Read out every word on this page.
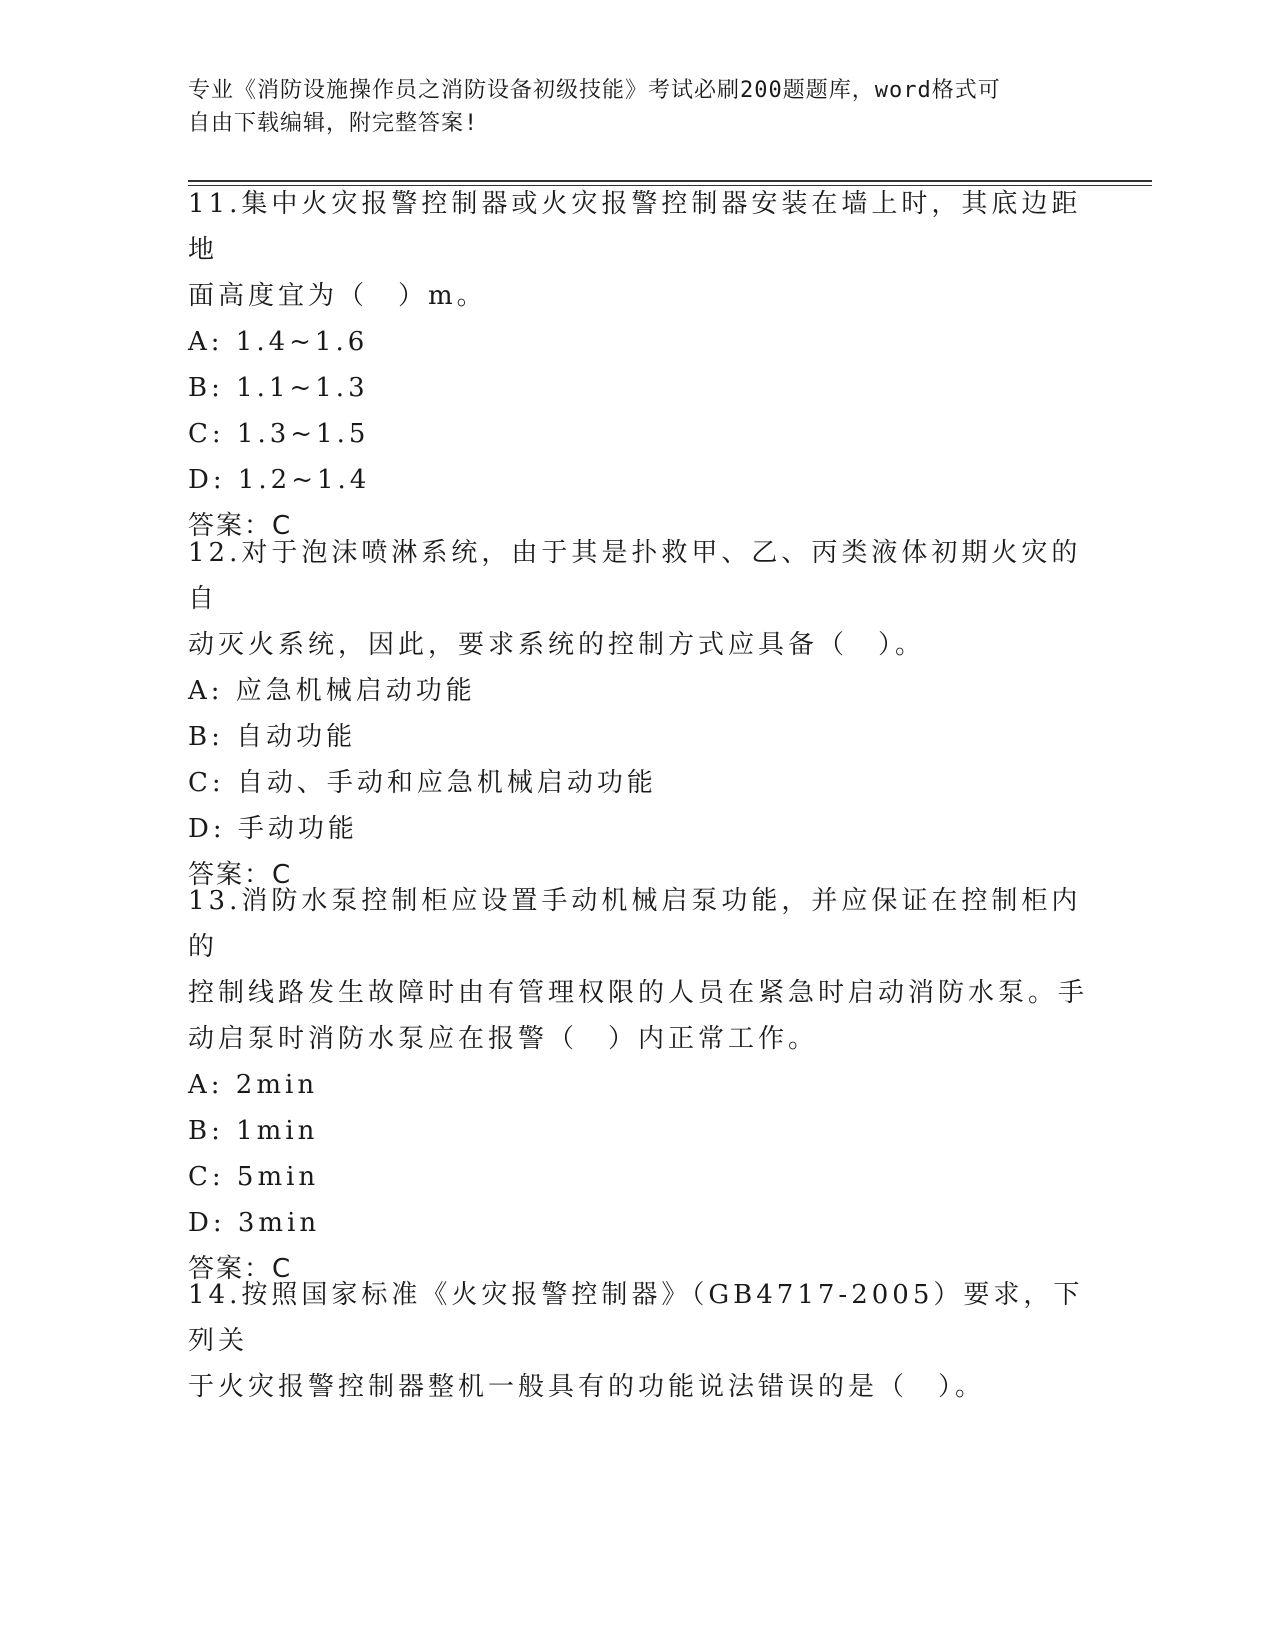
专业《消防设施操作员之消防设备初级技能》考试必刷200题题库，word格式可
自由下载编辑，附完整答案!

11.集中火灾报警控制器或火灾报警控制器安装在墙上时，其底边距地

面高度宜为（　）m。

A: 1.4~1.6

B: 1.1~1.3

C: 1.3~1.5

D: 1.2~1.4

答案：C

12.对于泡沫喷淋系统，由于其是扑救甲、乙、丙类液体初期火灾的自

动灭火系统，因此，要求系统的控制方式应具备（　）。

A: 应急机械启动功能

B: 自动功能

C: 自动、手动和应急机械启动功能

D: 手动功能

答案：C

13.消防水泵控制柜应设置手动机械启泵功能，并应保证在控制柜内的

控制线路发生故障时由有管理权限的人员在紧急时启动消防水泵。手

动启泵时消防水泵应在报警（　）内正常工作。

A: 2min

B: 1min

C: 5min

D: 3min

答案：C

14.按照国家标准《火灾报警控制器》（GB4717-2005）要求，下列关

于火灾报警控制器整机一般具有的功能说法错误的是（　）。
